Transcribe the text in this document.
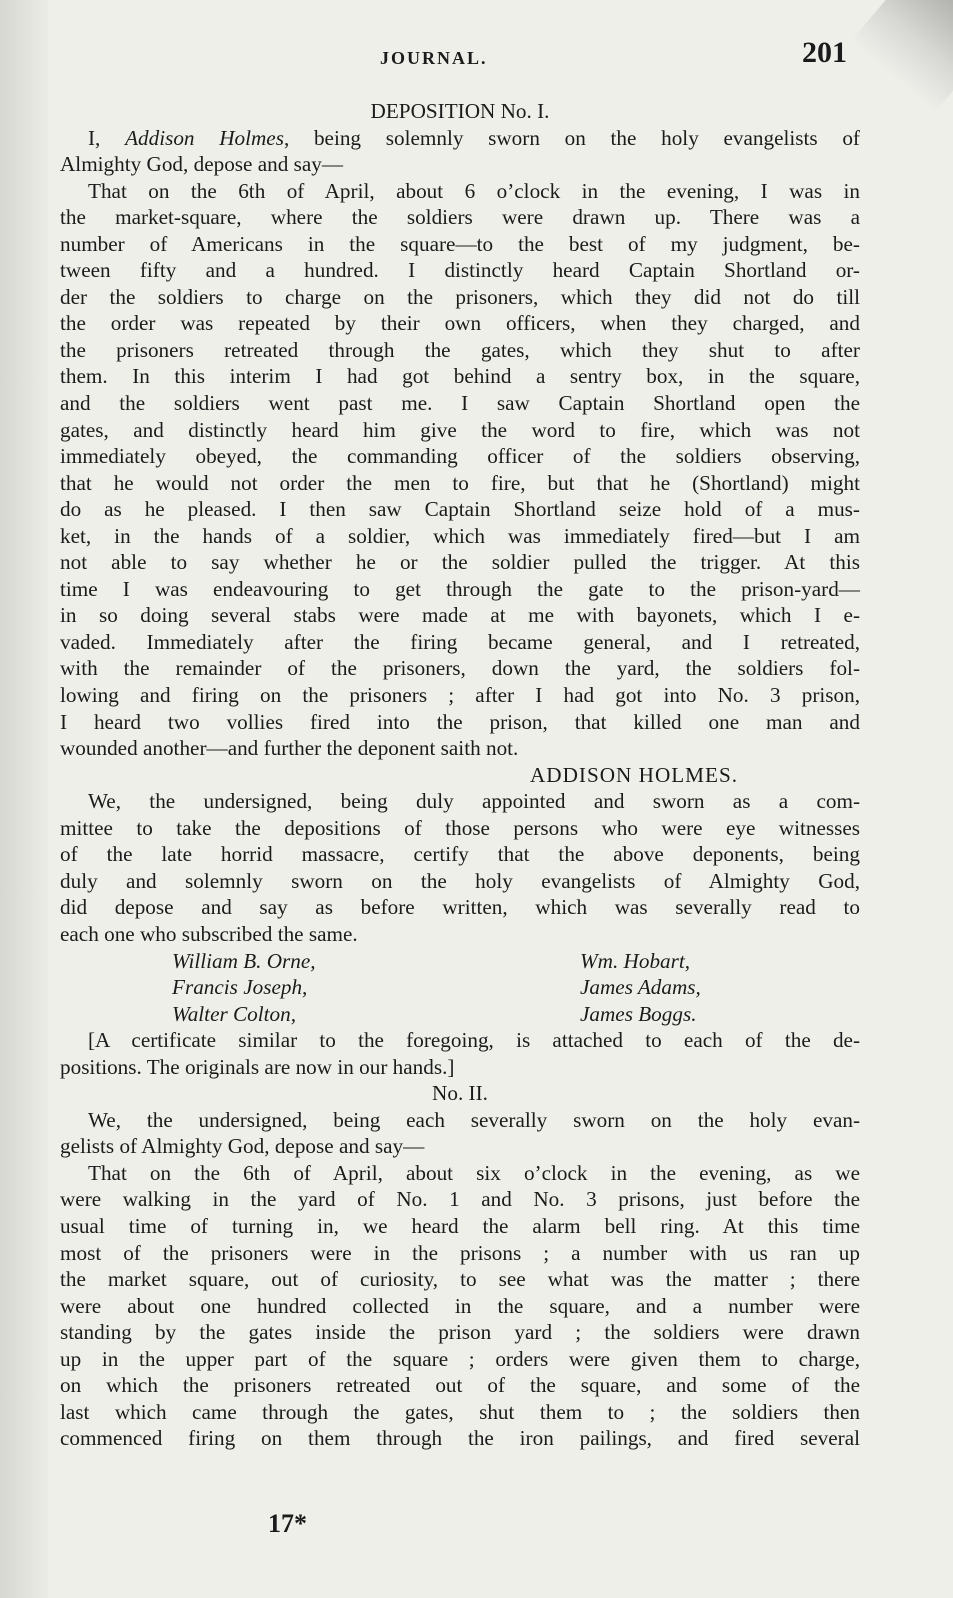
JOURNAL.	201
DEPOSITION No. I.
I, Addison Holmes, being solemnly sworn on the holy evangelists of
Almighty God, depose and say—
That on the 6th of April, about 6 o’clock in the evening, I was in
the market-square, where the soldiers were drawn up. There was a
number of Americans in the square—to the best of my judgment, be-
tween fifty and a hundred. I distinctly heard Captain Shortland or-
der the soldiers to charge on the prisoners, which they did not do till
the order was repeated by their own officers, when they charged, and
the prisoners retreated through the gates, which they shut to after
them. In this interim I had got behind a sentry box, in the square,
and the soldiers went past me. I saw Captain Shortland open the
gates, and distinctly heard him give the word to fire, which was not
immediately obeyed, the commanding officer of the soldiers observing,
that he would not order the men to fire, but that he (Shortland) might
do as he pleased. I then saw Captain Shortland seize hold of a mus-
ket, in the hands of a soldier, which was immediately fired—but I am
not able to say whether he or the soldier pulled the trigger. At this
time I was endeavouring to get through the gate to the prison-yard—
in so doing several stabs were made at me with bayonets, which I e-
vaded. Immediately after the firing became general, and I retreated,
with the remainder of the prisoners, down the yard, the soldiers fol-
lowing and firing on the prisoners ; after I had got into No. 3 prison,
I heard two vollies fired into the prison, that killed one man and
wounded another—and further the deponent saith not.
ADDISON HOLMES.
We, the undersigned, being duly appointed and sworn as a com-
mittee to take the depositions of those persons who were eye witnesses
of the late horrid massacre, certify that the above deponents, being
duly and solemnly sworn on the holy evangelists of Almighty God,
did depose and say as before written, which was severally read to
each one who subscribed the same.
William B. Orne,
Francis Joseph,
Walter Colton,
Wm. Hobart,
James Adams,
James Boggs.
[A certificate similar to the foregoing, is attached to each of the de-
positions. The originals are now in our hands.]
No. II.
We, the undersigned, being each severally sworn on the holy evan-
gelists of Almighty God, depose and say—
That on the 6th of April, about six o’clock in the evening, as we
were walking in the yard of No. 1 and No. 3 prisons, just before the
usual time of turning in, we heard the alarm bell ring. At this time
most of the prisoners were in the prisons ; a number with us ran up
the market square, out of curiosity, to see what was the matter ; there
were about one hundred collected in the square, and a number were
standing by the gates inside the prison yard ; the soldiers were drawn
up in the upper part of the square ; orders were given them to charge,
on which the prisoners retreated out of the square, and some of the
last which came through the gates, shut them to ; the soldiers then
commenced firing on them through the iron pailings, and fired several
17*
